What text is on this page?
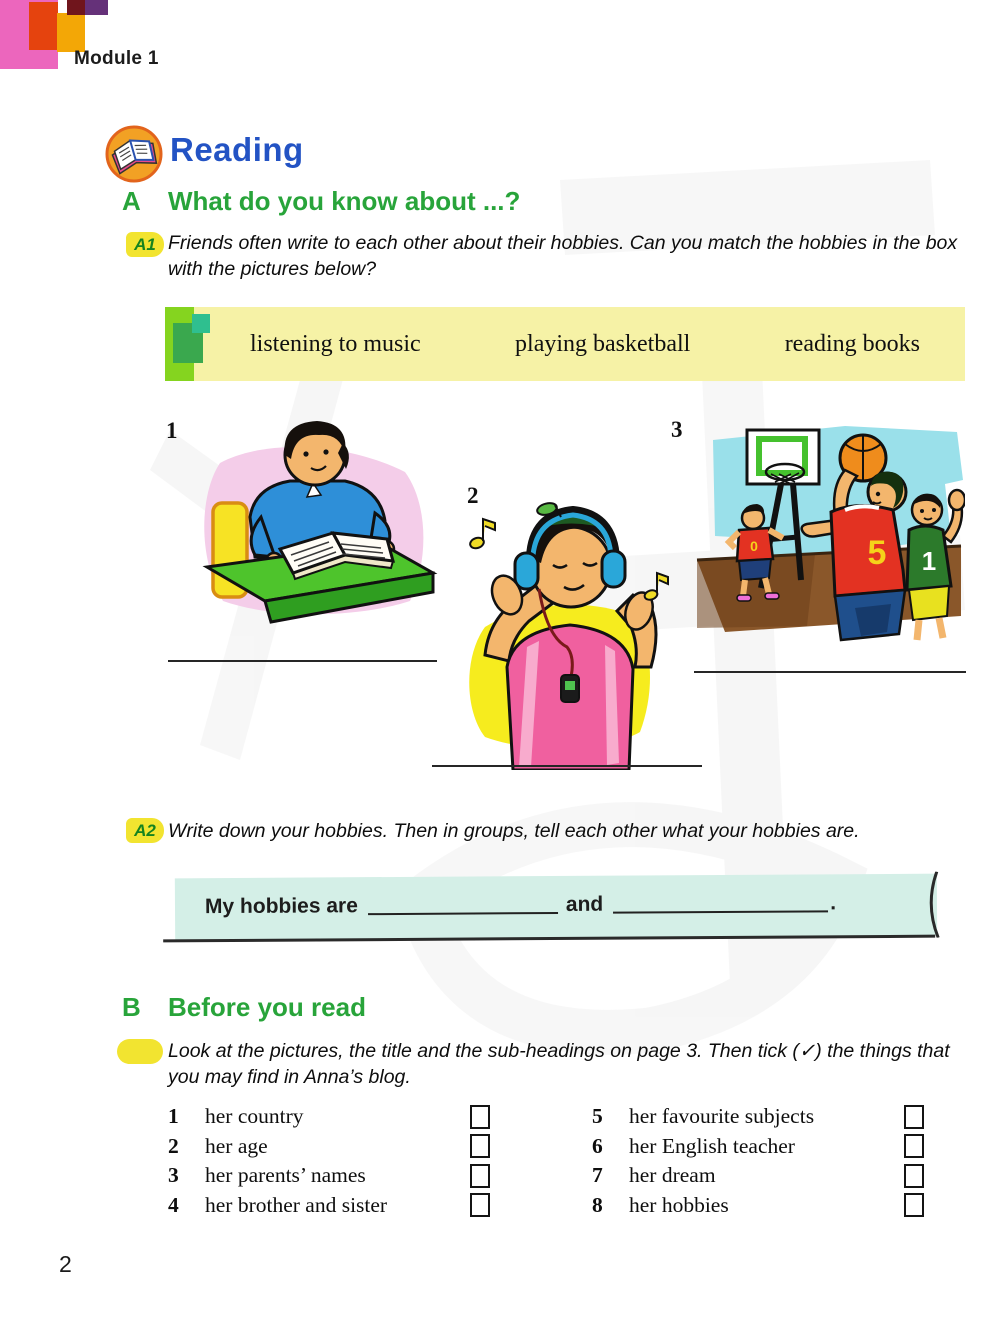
Module 1
Reading
A What do you know about ...?
A1 Friends often write to each other about their hobbies. Can you match the hobbies in the box with the pictures below?
listening to music	playing basketball	reading books
1
2
3
0	5 1
A2 Write down your hobbies. Then in groups, tell each other what your hobbies are.
My hobbies are	and	.
B Before you read
Look at the pictures, the title and the sub-headings on page 3. Then tick (✓) the things that you may find in Anna’s blog.
1	her country
2	her age
3	her parents’ names
4	her brother and sister
5	her favourite subjects
6	her English teacher
7	her dream
8	her hobbies
2
